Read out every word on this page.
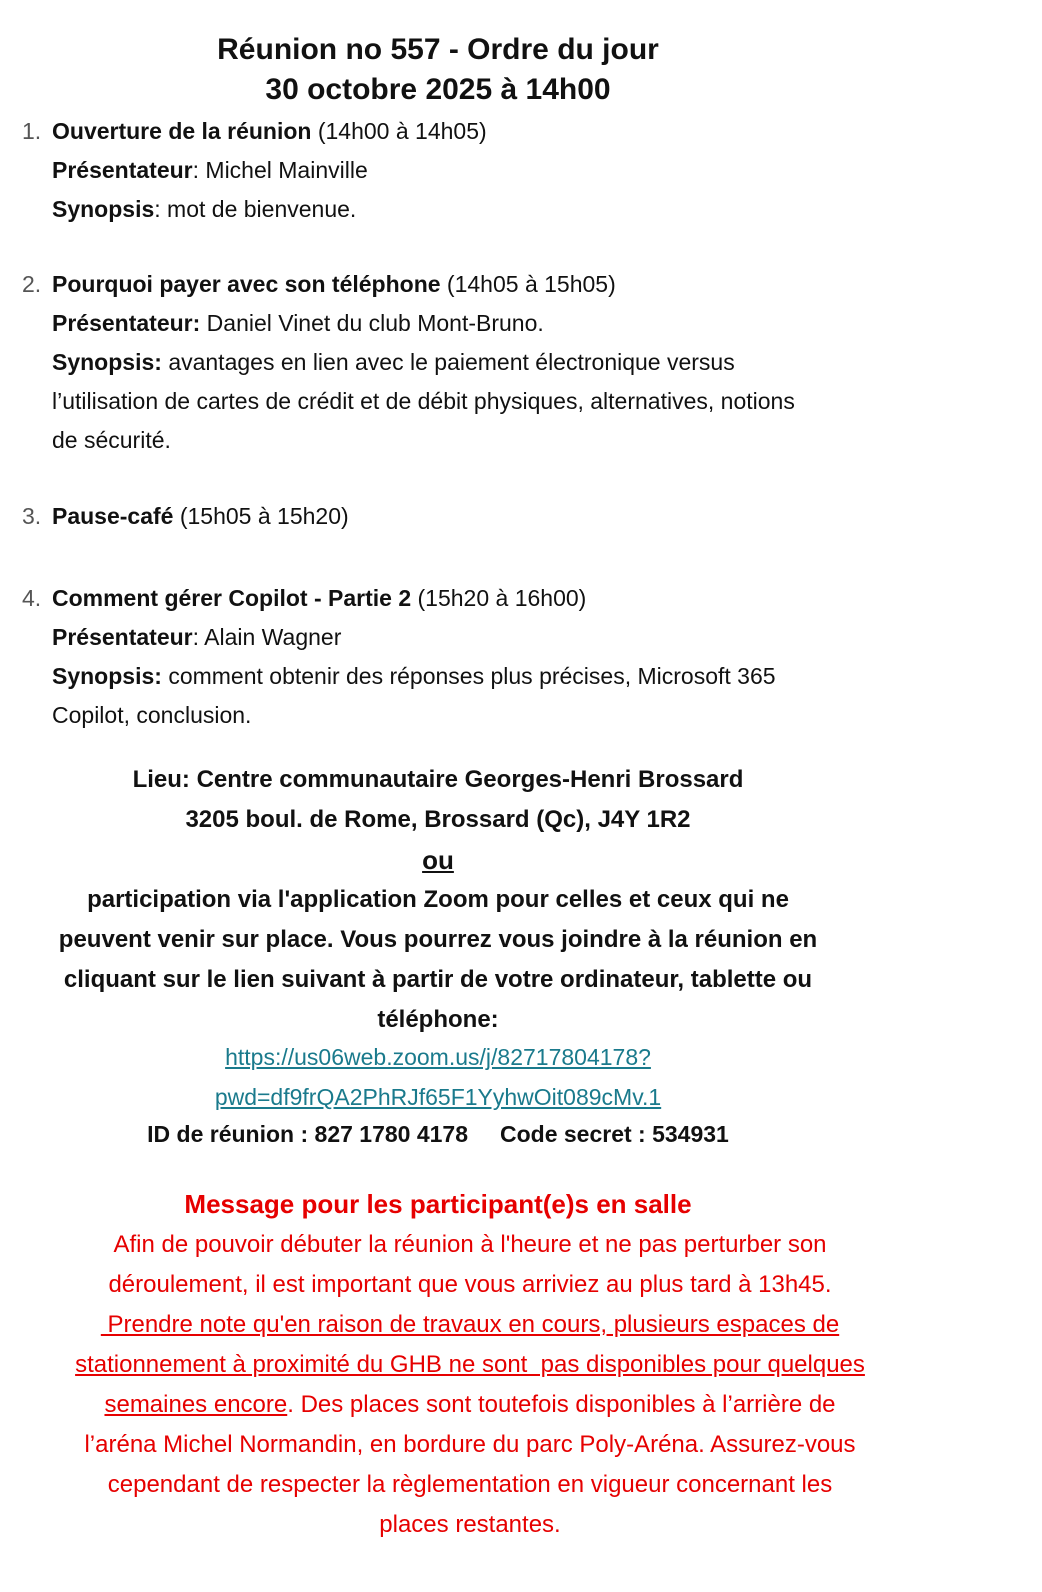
Réunion no 557 - Ordre du jour
30 octobre 2025 à 14h00
1. Ouverture de la réunion (14h00 à 14h05)
Présentateur: Michel Mainville
Synopsis: mot de bienvenue.
2. Pourquoi payer avec son téléphone (14h05 à 15h05)
Présentateur: Daniel Vinet du club Mont-Bruno.
Synopsis: avantages en lien avec le paiement électronique versus
l’utilisation de cartes de crédit et de débit physiques, alternatives, notions
de sécurité.
3. Pause-café (15h05 à 15h20)
4. Comment gérer Copilot - Partie 2 (15h20 à 16h00)
Présentateur: Alain Wagner
Synopsis: comment obtenir des réponses plus précises, Microsoft 365
Copilot, conclusion.
Lieu: Centre communautaire Georges-Henri Brossard
3205 boul. de Rome, Brossard (Qc), J4Y 1R2
ou
participation via l'application Zoom pour celles et ceux qui ne
peuvent venir sur place. Vous pourrez vous joindre à la réunion en
cliquant sur le lien suivant à partir de votre ordinateur, tablette ou
téléphone:
https://us06web.zoom.us/j/82717804178?
pwd=df9frQA2PhRJf65F1YyhwOit089cMv.1
ID de réunion : 827 1780 4178 Code secret : 534931
Message pour les participant(e)s en salle
Afin de pouvoir débuter la réunion à l'heure et ne pas perturber son
déroulement, il est important que vous arriviez au plus tard à 13h45.
Prendre note qu'en raison de travaux en cours, plusieurs espaces de
stationnement à proximité du GHB ne sont  pas disponibles pour quelques
semaines encore. Des places sont toutefois disponibles à l’arrière de
l’aréna Michel Normandin, en bordure du parc Poly-Aréna. Assurez-vous
cependant de respecter la règlementation en vigueur concernant les
places restantes.
